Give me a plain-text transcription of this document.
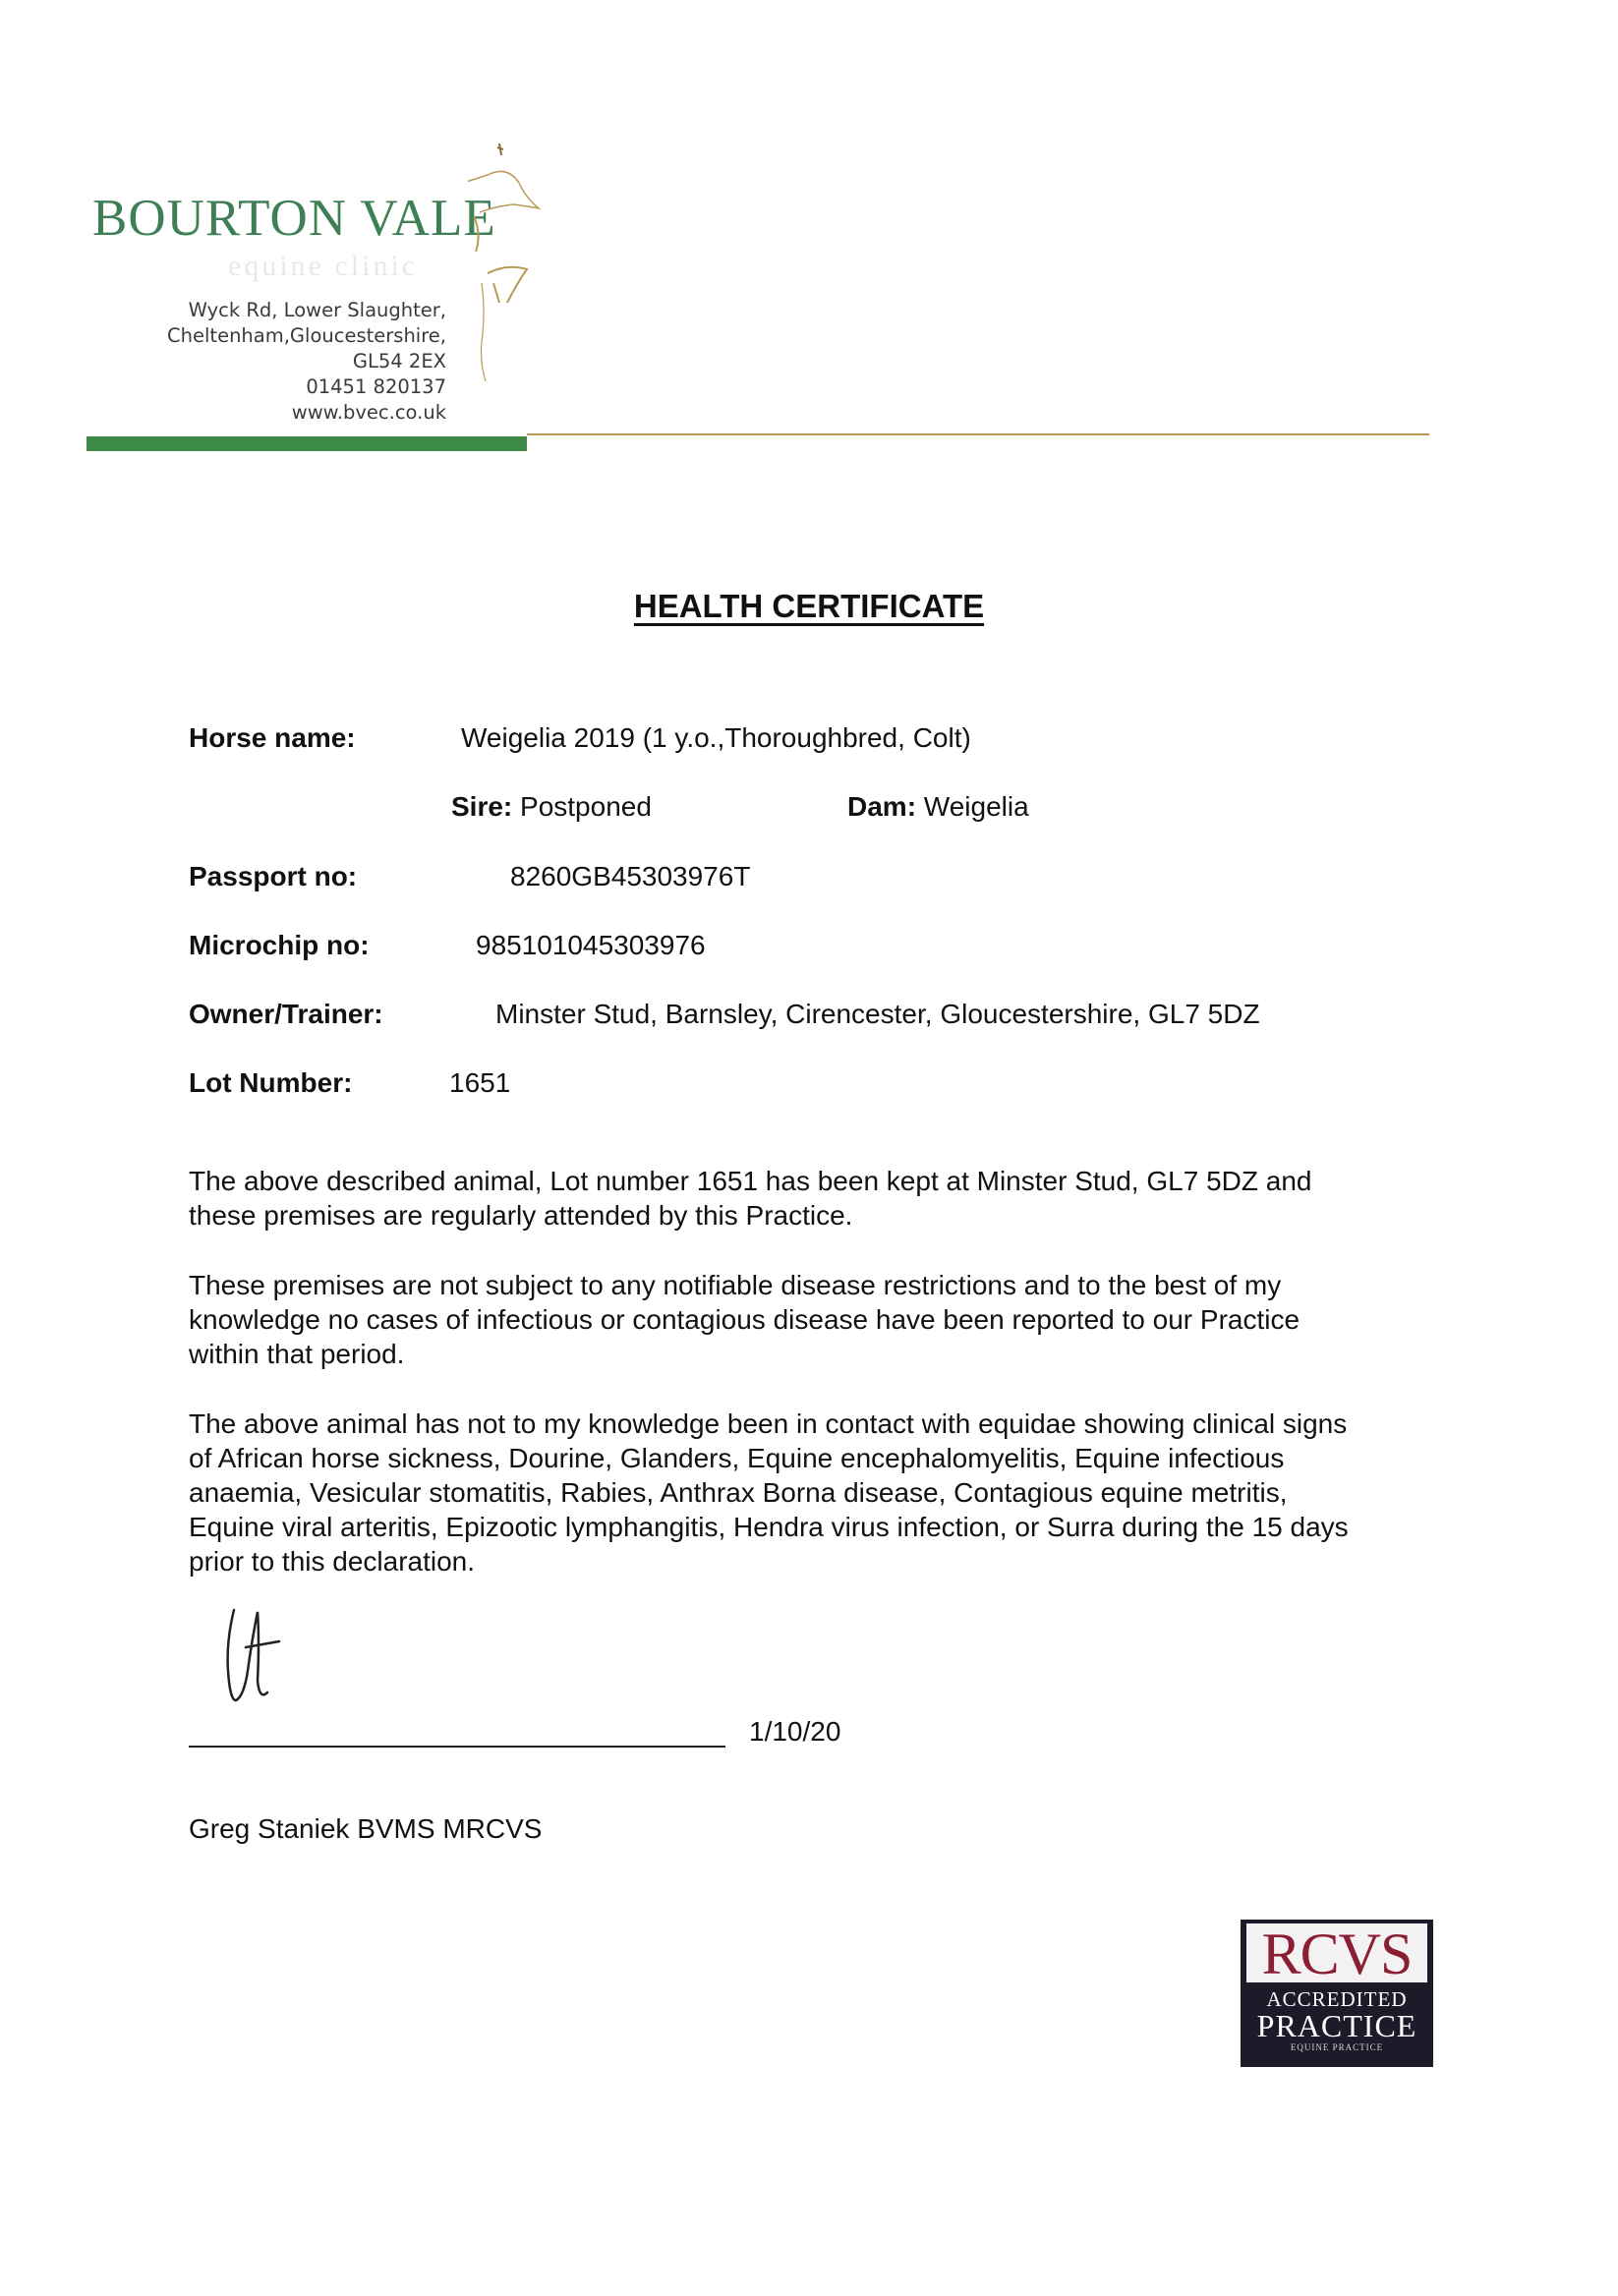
BOURTON VALE
equine clinic
Wyck Rd, Lower Slaughter,
Cheltenham,Gloucestershire,
GL54 2EX
01451 820137
www.bvec.co.uk
HEALTH CERTIFICATE
Horse name:	Weigelia 2019 (1 y.o.,Thoroughbred, Colt)
Sire: Postponed	Dam: Weigelia
Passport no:	8260GB45303976T
Microchip no:	985101045303976
Owner/Trainer:	Minster Stud, Barnsley, Cirencester, Gloucestershire, GL7 5DZ
Lot Number:	1651
The above described animal, Lot number 1651 has been kept at Minster Stud, GL7 5DZ and
these premises are regularly attended by this Practice.
These premises are not subject to any notifiable disease restrictions and to the best of my
knowledge no cases of infectious or contagious disease have been reported to our Practice
within that period.
The above animal has not to my knowledge been in contact with equidae showing clinical signs
of African horse sickness, Dourine, Glanders, Equine encephalomyelitis, Equine infectious
anaemia, Vesicular stomatitis, Rabies, Anthrax Borna disease, Contagious equine metritis,
Equine viral arteritis, Epizootic lymphangitis, Hendra virus infection, or Surra during the 15 days
prior to this declaration.
1/10/20
Greg Staniek BVMS MRCVS
RCVS
ACCREDITED
PRACTICE
EQUINE PRACTICE
